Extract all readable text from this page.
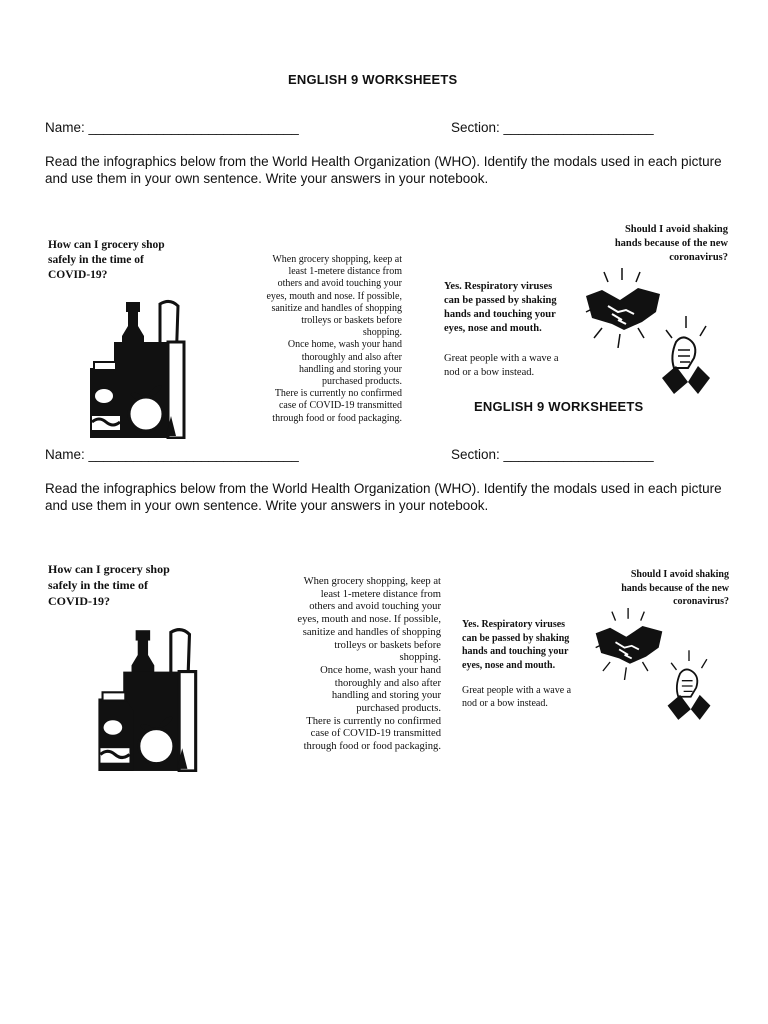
ENGLISH 9 WORKSHEETS
Name: ____________________________	Section: ____________________
Read the infographics below from the World Health Organization (WHO). Identify the modals used in each picture and use them in your own sentence. Write your answers in your notebook.
How can I grocery shop
safely in the time of
COVID-19?
When grocery shopping, keep at
least 1-metere distance from
others and avoid touching your
eyes, mouth and nose. If possible,
sanitize and handles of shopping
trolleys or baskets before
shopping.
Once home, wash your hand
thoroughly and also after
handling and storing your
purchased products.
There is currently no confirmed
case of COVID-19 transmitted
through food or food packaging.
Should I avoid shaking
hands because of the new
coronavirus?
Yes. Respiratory viruses
can be passed by shaking
hands and touching your
eyes, nose and mouth.
Great people with a wave a
nod or a bow instead.
ENGLISH 9 WORKSHEETS
Name: ____________________________	Section: ____________________
Read the infographics below from the World Health Organization (WHO). Identify the modals used in each picture and use them in your own sentence. Write your answers in your notebook.
How can I grocery shop
safely in the time of
COVID-19?
When grocery shopping, keep at
least 1-metere distance from
others and avoid touching your
eyes, mouth and nose. If possible,
sanitize and handles of shopping
trolleys or baskets before
shopping.
Once home, wash your hand
thoroughly and also after
handling and storing your
purchased products.
There is currently no confirmed
case of COVID-19 transmitted
through food or food packaging.
Should I avoid shaking
hands because of the new
coronavirus?
Yes. Respiratory viruses
can be passed by shaking
hands and touching your
eyes, nose and mouth.
Great people with a wave a
nod or a bow instead.
